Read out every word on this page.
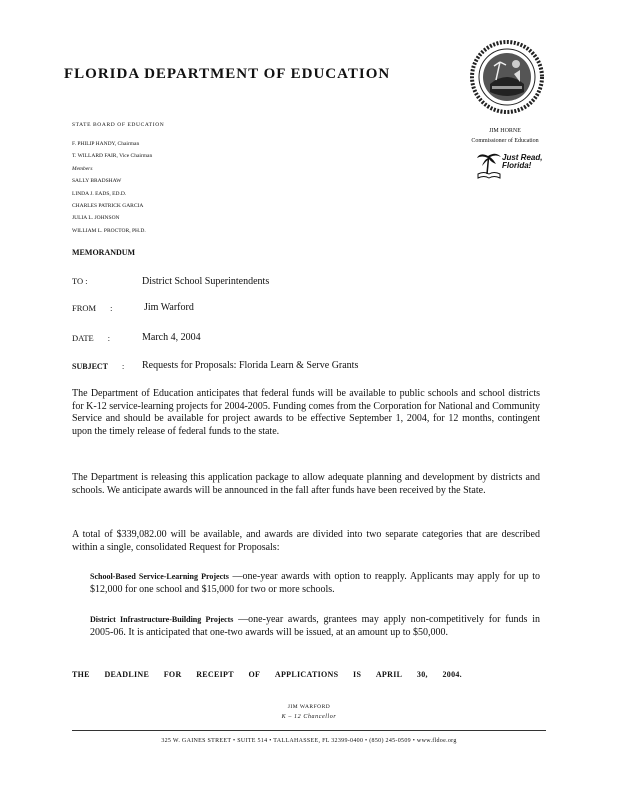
FLORIDA DEPARTMENT OF EDUCATION
STATE BOARD OF EDUCATION
F. PHILIP HANDY, Chairman
T. WILLARD FAIR, Vice Chairman
Members
SALLY BRADSHAW
LINDA J. EADS, ED.D.
CHARLES PATRICK GARCIA
JULIA L. JOHNSON
WILLIAM L. PROCTOR, PH.D.
JIM HORNE
Commissioner of Education
Just Read,
Florida!
MEMORANDUM
TO :	District School Superintendents
FROM :	Jim Warford
DATE :	March 4, 2004
SUBJECT : Requests for Proposals: Florida Learn & Serve Grants
The Department of Education anticipates that federal funds will be available to public schools and school districts for K-12 service-learning projects for 2004-2005. Funding comes from the Corporation for National and Community Service and should be available for project awards to be effective September 1, 2004, for 12 months, contingent upon the timely release of federal funds to the state.
The Department is releasing this application package to allow adequate planning and development by districts and schools. We anticipate awards will be announced in the fall after funds have been received by the State.
A total of $339,082.00 will be available, and awards are divided into two separate categories that are described within a single, consolidated Request for Proposals:
School-Based Service-Learning Projects —one-year awards with option to reapply. Applicants may apply for up to $12,000 for one school and $15,000 for two or more schools.
District Infrastructure-Building Projects —one-year awards, grantees may apply non-competitively for funds in 2005-06. It is anticipated that one-two awards will be issued, at an amount up to $50,000.
THE DEADLINE FOR RECEIPT OF APPLICATIONS IS APRIL 30, 2004.
JIM WARFORD
K – 12 Chancellor
325 W. GAINES STREET • SUITE 514 • TALLAHASSEE, FL 32399-0400 • (850) 245-0509 • www.fldoe.org
